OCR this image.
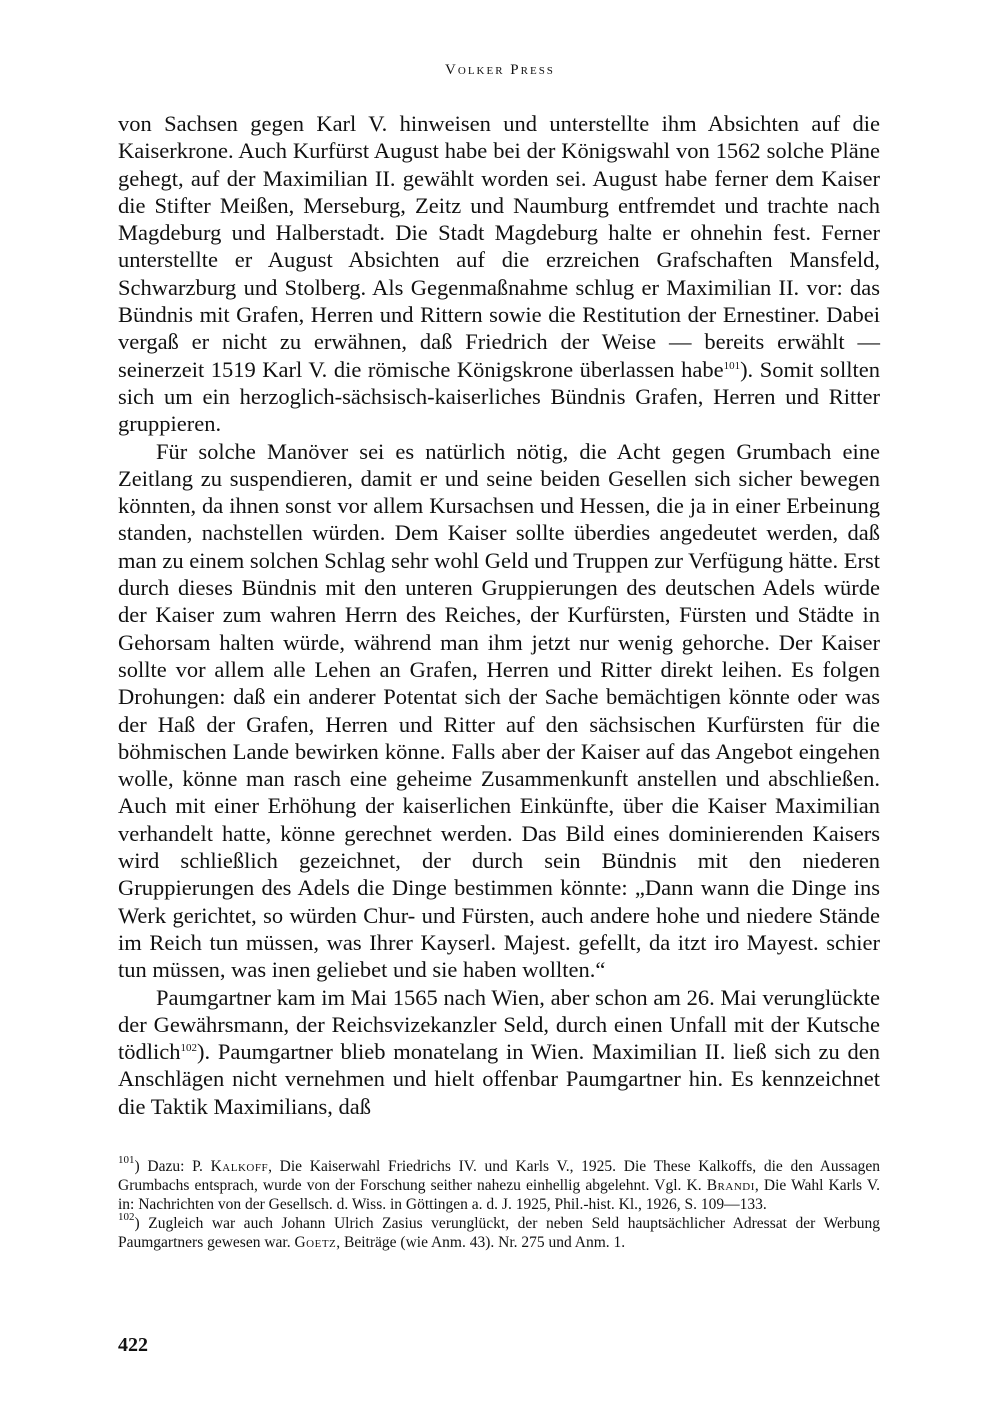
Volker Press

von Sachsen gegen Karl V. hinweisen und unterstellte ihm Absichten auf die Kaiserkrone. Auch Kurfürst August habe bei der Königswahl von 1562 solche Pläne gehegt, auf der Maximilian II. gewählt worden sei. August habe ferner dem Kaiser die Stifter Meißen, Merseburg, Zeitz und Naumburg entfremdet und trachte nach Magdeburg und Halberstadt. Die Stadt Magdeburg halte er ohnehin fest. Ferner unterstellte er August Absichten auf die erzreichen Grafschaften Mansfeld, Schwarzburg und Stolberg. Als Gegenmaßnahme schlug er Maximilian II. vor: das Bündnis mit Grafen, Herren und Rittern sowie die Restitution der Ernestiner. Dabei vergaß er nicht zu erwähnen, daß Friedrich der Weise — bereits erwählt — seinerzeit 1519 Karl V. die römische Königskrone überlassen habe$^{101}$). Somit sollten sich um ein herzoglich-sächsisch-kaiserliches Bündnis Grafen, Herren und Ritter gruppieren.

Für solche Manöver sei es natürlich nötig, die Acht gegen Grumbach eine Zeitlang zu suspendieren, damit er und seine beiden Gesellen sich sicher bewegen könnten, da ihnen sonst vor allem Kursachsen und Hessen, die ja in einer Erbeinung standen, nachstellen würden. Dem Kaiser sollte überdies angedeutet werden, daß man zu einem solchen Schlag sehr wohl Geld und Truppen zur Verfügung hätte. Erst durch dieses Bündnis mit den unteren Gruppierungen des deutschen Adels würde der Kaiser zum wahren Herrn des Reiches, der Kurfürsten, Fürsten und Städte in Gehorsam halten würde, während man ihm jetzt nur wenig gehorche. Der Kaiser sollte vor allem alle Lehen an Grafen, Herren und Ritter direkt leihen. Es folgen Drohungen: daß ein anderer Potentat sich der Sache bemächtigen könnte oder was der Haß der Grafen, Herren und Ritter auf den sächsischen Kurfürsten für die böhmischen Lande bewirken könne. Falls aber der Kaiser auf das Angebot eingehen wolle, könne man rasch eine geheime Zusammenkunft anstellen und abschließen. Auch mit einer Erhöhung der kaiserlichen Einkünfte, über die Kaiser Maximilian verhandelt hatte, könne gerechnet werden. Das Bild eines dominierenden Kaisers wird schließlich gezeichnet, der durch sein Bündnis mit den niederen Gruppierungen des Adels die Dinge bestimmen könnte: „Dann wann die Dinge ins Werk gerichtet, so würden Chur- und Fürsten, auch andere hohe und niedere Stände im Reich tun müssen, was Ihrer Kayserl. Majest. gefellt, da itzt iro Mayest. schier tun müssen, was inen geliebet und sie haben wollten.“

Paumgartner kam im Mai 1565 nach Wien, aber schon am 26. Mai verunglückte der Gewährsmann, der Reichsvizekanzler Seld, durch einen Unfall mit der Kutsche tödlich$^{102}$). Paumgartner blieb monatelang in Wien. Maximilian II. ließ sich zu den Anschlägen nicht vernehmen und hielt offenbar Paumgartner hin. Es kennzeichnet die Taktik Maximilians, daß

$^{101}$) Dazu: P. Kalkoff, Die Kaiserwahl Friedrichs IV. und Karls V., 1925. Die These Kalkoffs, die den Aussagen Grumbachs entsprach, wurde von der Forschung seither nahezu einhellig abgelehnt. Vgl. K. Brandi, Die Wahl Karls V. in: Nachrichten von der Gesellsch. d. Wiss. in Göttingen a. d. J. 1925, Phil.-hist. Kl., 1926, S. 109—133.

$^{102}$) Zugleich war auch Johann Ulrich Zasius verunglückt, der neben Seld hauptsächlicher Adressat der Werbung Paumgartners gewesen war. Goetz, Beiträge (wie Anm. 43). Nr. 275 und Anm. 1.

422
